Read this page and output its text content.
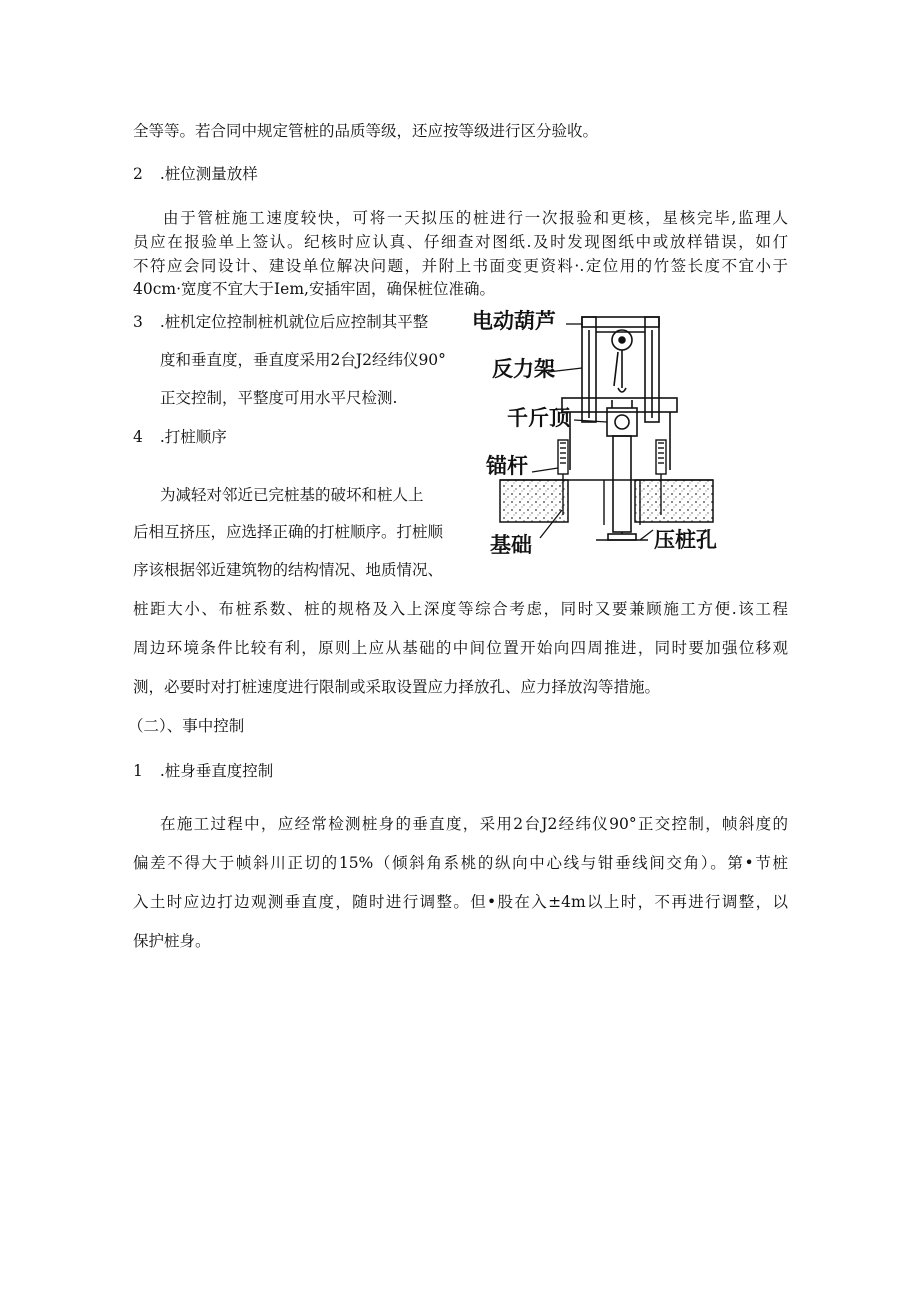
全等等。若合同中规定管桩的品质等级，还应按等级进行区分验收。
2 .桩位测量放样
由于管桩施工速度较快，可将一天拟压的桩进行一次报验和更核，星核完毕,监理人
员应在报验单上签认。纪核时应认真、仔细查对图纸.及时发现图纸中或放样错误，如仃
不符应会同设计、建设单位解决问题，并附上书面变更资料·.定位用的竹签长度不宜小于
40cm·宽度不宜大于Iem,安插牢固，确保桩位准确。
3 .桩机定位控制桩机就位后应控制其平整
度和垂直度，垂直度采用2台J2经纬仪90°
正交控制，平整度可用水平尺检测.
4 .打桩顺序
为减轻对邻近已完桩基的破坏和桩人上
后相互挤压，应选择正确的打桩顺序。打桩顺
序该根据邻近建筑物的结构情况、地质情况、
桩距大小、布桩系数、桩的规格及入上深度等综合考虑，同时又要兼顾施工方便.该工程
周边环境条件比较有利，原则上应从基础的中间位置开始向四周推进，同时要加强位移观
测，必要时对打桩速度进行限制或采取设置应力择放孔、应力择放沟等措施。
（二）、事中控制
1 .桩身垂直度控制
在施工过程中，应经常检测桩身的垂直度，采用2台J2经纬仪90°正交控制，帧斜度的
偏差不得大于帧斜川正切的15%（倾斜角系桃的纵向中心线与钳垂线间交角）。第•节桩
入土时应边打边观测垂直度，随时进行调整。但•股在入±4m以上时，不再进行调整，以
保护桩身。
电动葫芦
反力架
千斤顶
锚杆
基础	压桩孔
